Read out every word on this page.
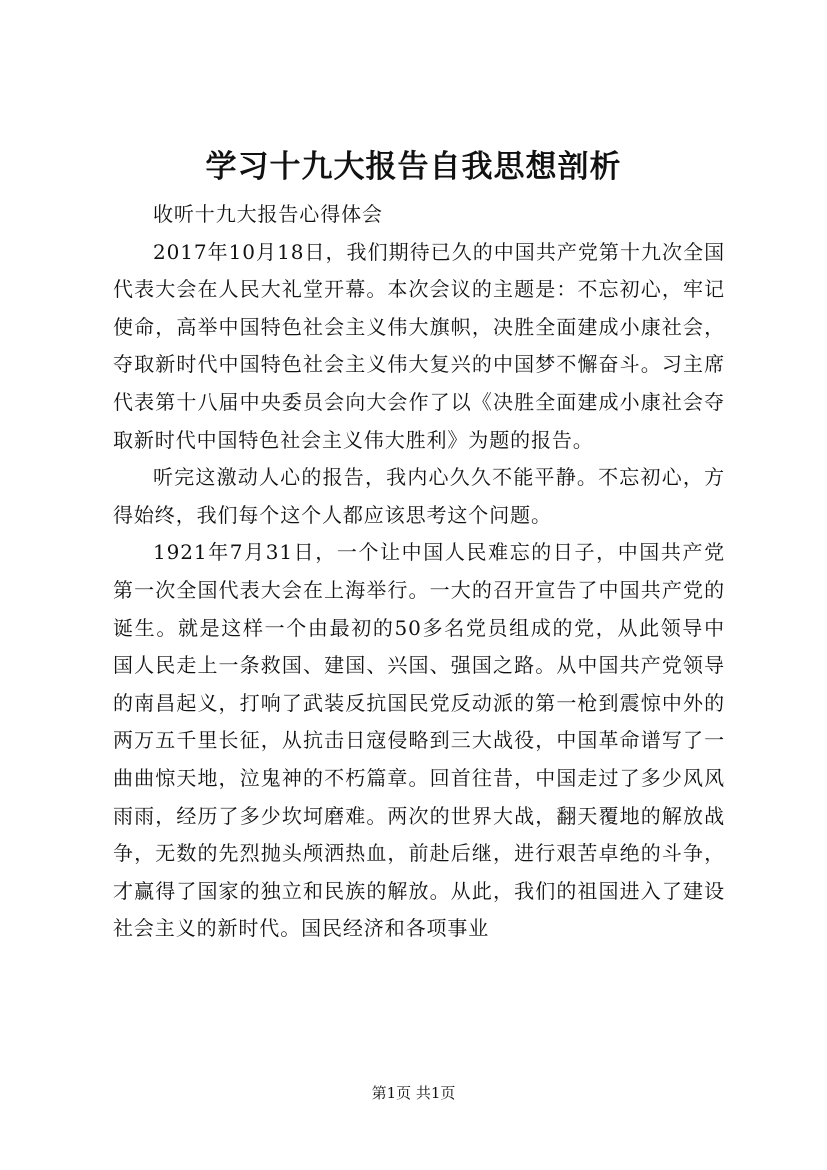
学习十九大报告自我思想剖析

收听十九大报告心得体会

2017年10月18日，我们期待已久的中国共产党第十九次全国代表大会在人民大礼堂开幕。本次会议的主题是：不忘初心，牢记使命，高举中国特色社会主义伟大旗帜，决胜全面建成小康社会，夺取新时代中国特色社会主义伟大复兴的中国梦不懈奋斗。习主席代表第十八届中央委员会向大会作了以《决胜全面建成小康社会夺取新时代中国特色社会主义伟大胜利》为题的报告。

听完这激动人心的报告，我内心久久不能平静。不忘初心，方得始终，我们每个这个人都应该思考这个问题。

1921年7月31日，一个让中国人民难忘的日子，中国共产党第一次全国代表大会在上海举行。一大的召开宣告了中国共产党的诞生。就是这样一个由最初的50多名党员组成的党，从此领导中国人民走上一条救国、建国、兴国、强国之路。从中国共产党领导的南昌起义，打响了武装反抗国民党反动派的第一枪到震惊中外的两万五千里长征，从抗击日寇侵略到三大战役，中国革命谱写了一曲曲惊天地，泣鬼神的不朽篇章。回首往昔，中国走过了多少风风雨雨，经历了多少坎坷磨难。两次的世界大战，翻天覆地的解放战争，无数的先烈抛头颅洒热血，前赴后继，进行艰苦卓绝的斗争，才赢得了国家的独立和民族的解放。从此，我们的祖国进入了建设社会主义的新时代。国民经济和各项事业

第1页 共1页
